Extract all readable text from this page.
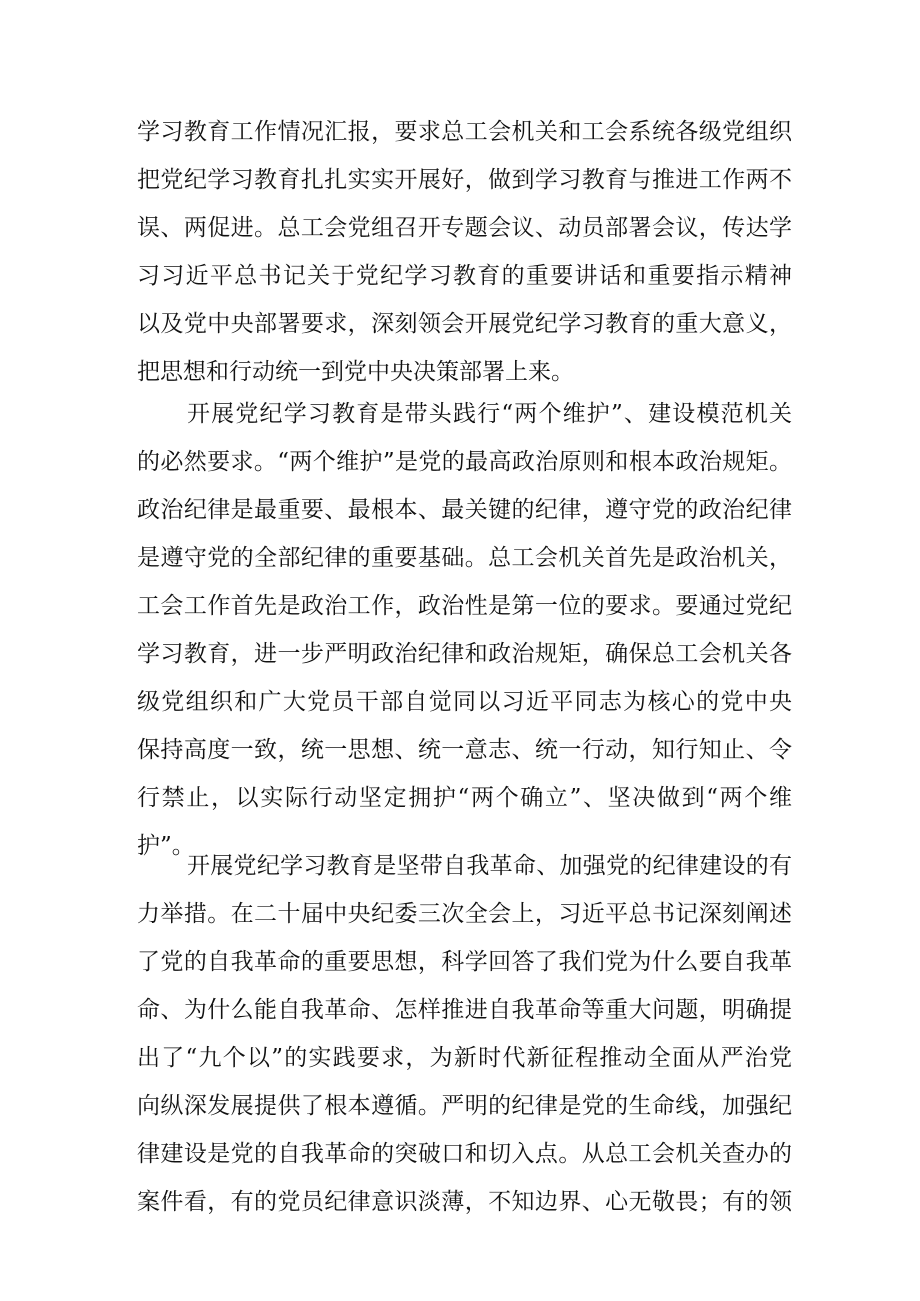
学习教育工作情况汇报，要求总工会机关和工会系统各级党组织
把党纪学习教育扎扎实实开展好，做到学习教育与推进工作两不
误、两促进。总工会党组召开专题会议、动员部署会议，传达学
习习近平总书记关于党纪学习教育的重要讲话和重要指示精神
以及党中央部署要求，深刻领会开展党纪学习教育的重大意义，
把思想和行动统一到党中央决策部署上来。
开展党纪学习教育是带头践行“两个维护”、建设模范机关
的必然要求。“两个维护”是党的最高政治原则和根本政治规矩。
政治纪律是最重要、最根本、最关键的纪律，遵守党的政治纪律
是遵守党的全部纪律的重要基础。总工会机关首先是政治机关，
工会工作首先是政治工作，政治性是第一位的要求。要通过党纪
学习教育，进一步严明政治纪律和政治规矩，确保总工会机关各
级党组织和广大党员干部自觉同以习近平同志为核心的党中央
保持高度一致，统一思想、统一意志、统一行动，知行知止、令
行禁止，以实际行动坚定拥护“两个确立”、坚决做到“两个维
护”。
开展党纪学习教育是坚带自我革命、加强党的纪律建设的有
力举措。在二十届中央纪委三次全会上，习近平总书记深刻阐述
了党的自我革命的重要思想，科学回答了我们党为什么要自我革
命、为什么能自我革命、怎样推进自我革命等重大问题，明确提
出了“九个以”的实践要求，为新时代新征程推动全面从严治党
向纵深发展提供了根本遵循。严明的纪律是党的生命线，加强纪
律建设是党的自我革命的突破口和切入点。从总工会机关查办的
案件看，有的党员纪律意识淡薄，不知边界、心无敬畏；有的领
